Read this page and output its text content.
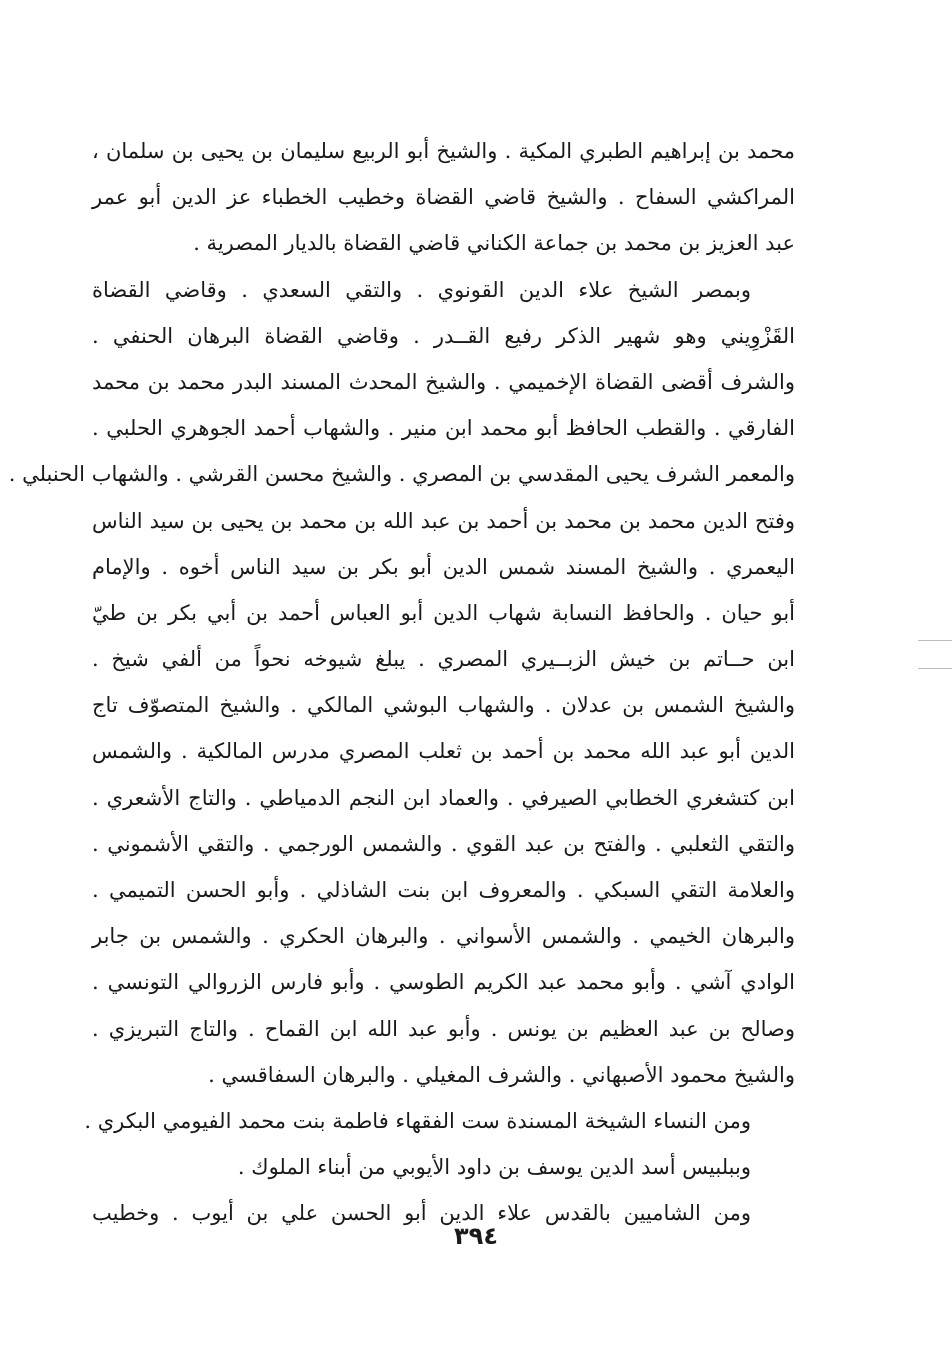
محمد بن إبراهيم الطبري المكية . والشيخ أبو الربيع سليمان بن يحيى بن سلمان ،
المراكشي السفاح . والشيخ قاضي القضاة وخطيب الخطباء عز الدين أبو عمر
عبد العزيز بن محمد بن جماعة الكناني قاضي القضاة بالديار المصرية .
وبمصر الشيخ علاء الدين القونوي . والتقي السعدي . وقاضي القضاة
القَزْوِيني وهو شهير الذكر رفيع القــدر . وقاضي القضاة البرهان الحنفي .
والشرف أقضى القضاة الإخميمي . والشيخ المحدث المسند البدر محمد بن محمد
الفارقي . والقطب الحافظ أبو محمد ابن منير . والشهاب أحمد الجوهري الحلبي .
والمعمر الشرف يحيى المقدسي بن المصري . والشيخ محسن القرشي . والشهاب الحنبلي .
وفتح الدين محمد بن محمد بن أحمد بن عبد الله بن محمد بن يحيى بن سيد الناس
اليعمري . والشيخ المسند شمس الدين أبو بكر بن سيد الناس أخوه . والإمام
أبو حيان . والحافظ النسابة شهاب الدين أبو العباس أحمد بن أبي بكر بن طيّ
ابن حــاتم بن خيش الزبــيري المصري . يبلغ شيوخه نحواً من ألفي شيخ .
والشيخ الشمس بن عدلان . والشهاب البوشي المالكي . والشيخ المتصوّف تاج
الدين أبو عبد الله محمد بن أحمد بن ثعلب المصري مدرس المالكية . والشمس
ابن كتشغري الخطابي الصيرفي . والعماد ابن النجم الدمياطي . والتاج الأشعري .
والتقي الثعلبي . والفتح بن عبد القوي . والشمس الورجمي . والتقي الأشموني .
والعلامة التقي السبكي . والمعروف ابن بنت الشاذلي . وأبو الحسن التميمي .
والبرهان الخيمي . والشمس الأسواني . والبرهان الحكري . والشمس بن جابر
الوادي آشي . وأبو محمد عبد الكريم الطوسي . وأبو فارس الزروالي التونسي .
وصالح بن عبد العظيم بن يونس . وأبو عبد الله ابن القماح . والتاج التبريزي .
والشيخ محمود الأصبهاني . والشرف المغيلي . والبرهان السفاقسي .
ومن النساء الشيخة المسندة ست الفقهاء فاطمة بنت محمد الفيومي البكري .
وببلبيس أسد الدين يوسف بن داود الأيوبي من أبناء الملوك .
ومن الشاميين بالقدس علاء الدين أبو الحسن علي بن أيوب . وخطيب
٣٩٤
